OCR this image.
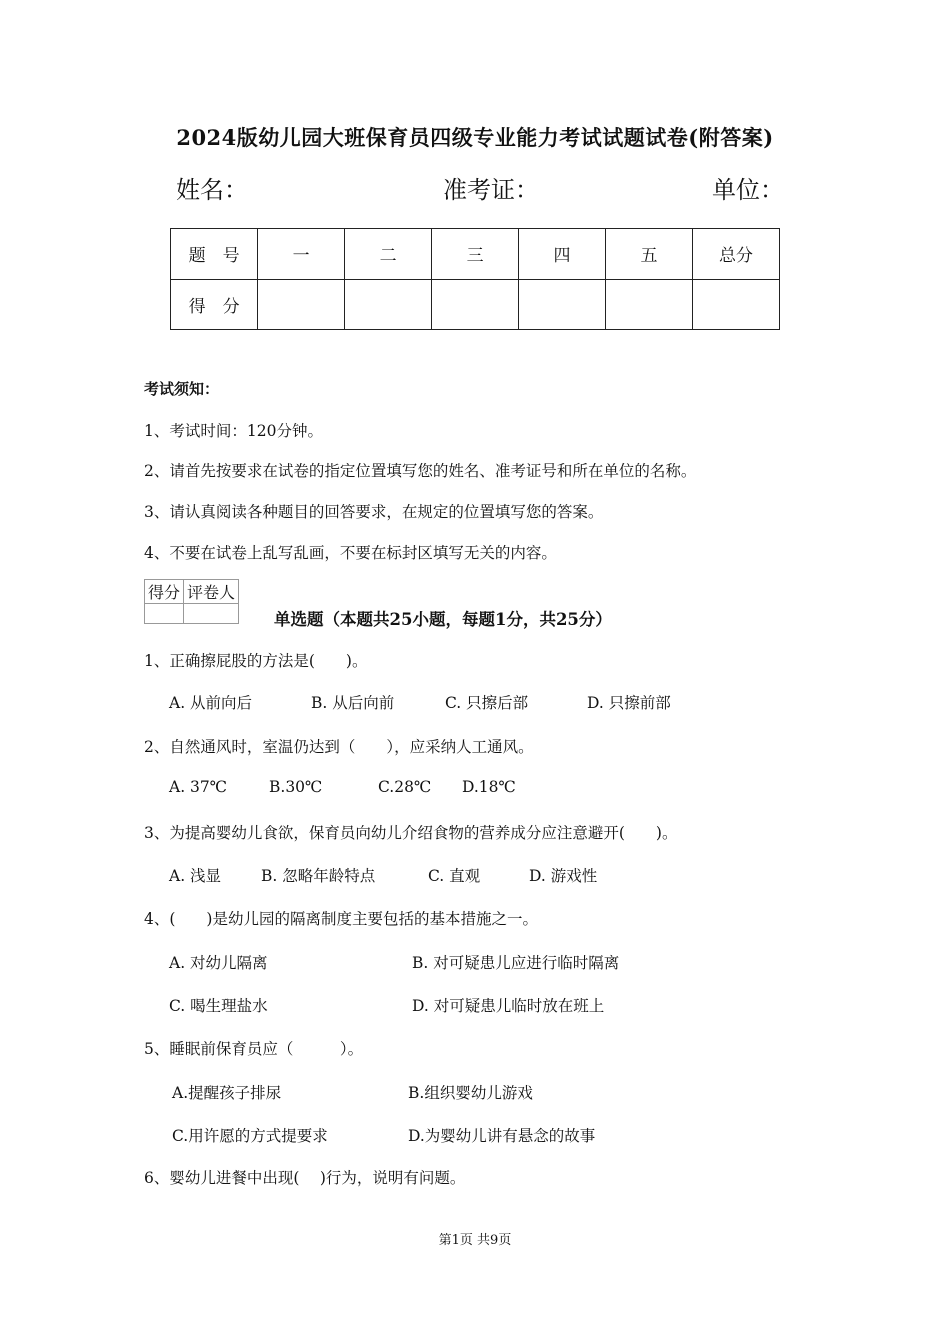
2024版幼儿园大班保育员四级专业能力考试试题试卷(附答案)
姓名：	准考证：	单位：
题　号	一	二	三	四	五	总分
得　分						
考试须知：
1、考试时间：120分钟。
2、请首先按要求在试卷的指定位置填写您的姓名、准考证号和所在单位的名称。
3、请认真阅读各种题目的回答要求，在规定的位置填写您的答案。
4、不要在试卷上乱写乱画，不要在标封区填写无关的内容。
得分	评卷人

单选题（本题共25小题，每题1分，共25分）
1、正确擦屁股的方法是(　　)。
A. 从前向后	B. 从后向前	C. 只擦后部	D. 只擦前部
2、自然通风时，室温仍达到（　　），应采纳人工通风。
A. 37℃	B.30℃	C.28℃ D.18℃
3、为提高婴幼儿食欲，保育员向幼儿介绍食物的营养成分应注意避开(　　)。
A. 浅显	B. 忽略年龄特点	C. 直观	D. 游戏性
4、(　　)是幼儿园的隔离制度主要包括的基本措施之一。
A. 对幼儿隔离	B. 对可疑患儿应进行临时隔离
C. 喝生理盐水	D. 对可疑患儿临时放在班上
5、睡眠前保育员应（　　　）。
A.提醒孩子排尿	B.组织婴幼儿游戏
C.用许愿的方式提要求	D.为婴幼儿讲有悬念的故事
6、婴幼儿进餐中出现(　 )行为，说明有问题。
第1页 共9页
